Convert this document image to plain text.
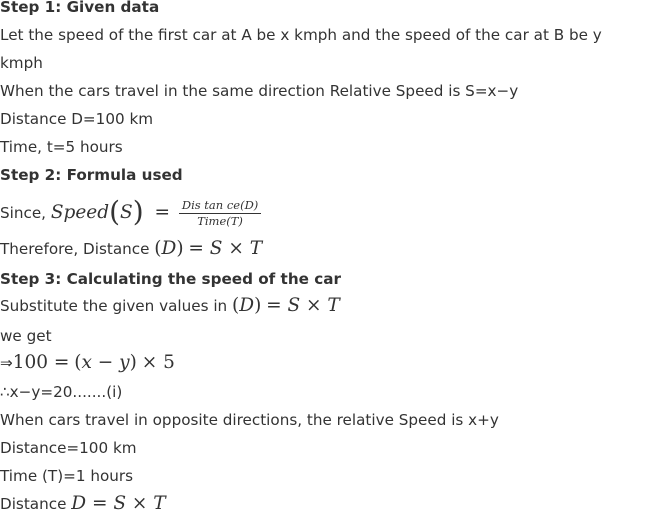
Step 1: Given data
Let the speed of the first car at A be x kmph and the speed of the car at B be y
kmph
When the cars travel in the same direction Relative Speed is S=x−y
Distance D=100 km
Time, t=5 hours
Step 2: Formula used
Since, Speed(S) = $\frac{\text{Dis tan ce(D)}}{\text{Time(T)}}$
Therefore, Distance (D) = S × T
Step 3: Calculating the speed of the car
Substitute the given values in (D) = S × T
we get
⇒100 = (x − y) × 5
∴x−y=20.......(i)
When cars travel in opposite directions, the relative Speed is x+y
Distance=100 km
Time (T)=1 hours
Distance D = S × T
